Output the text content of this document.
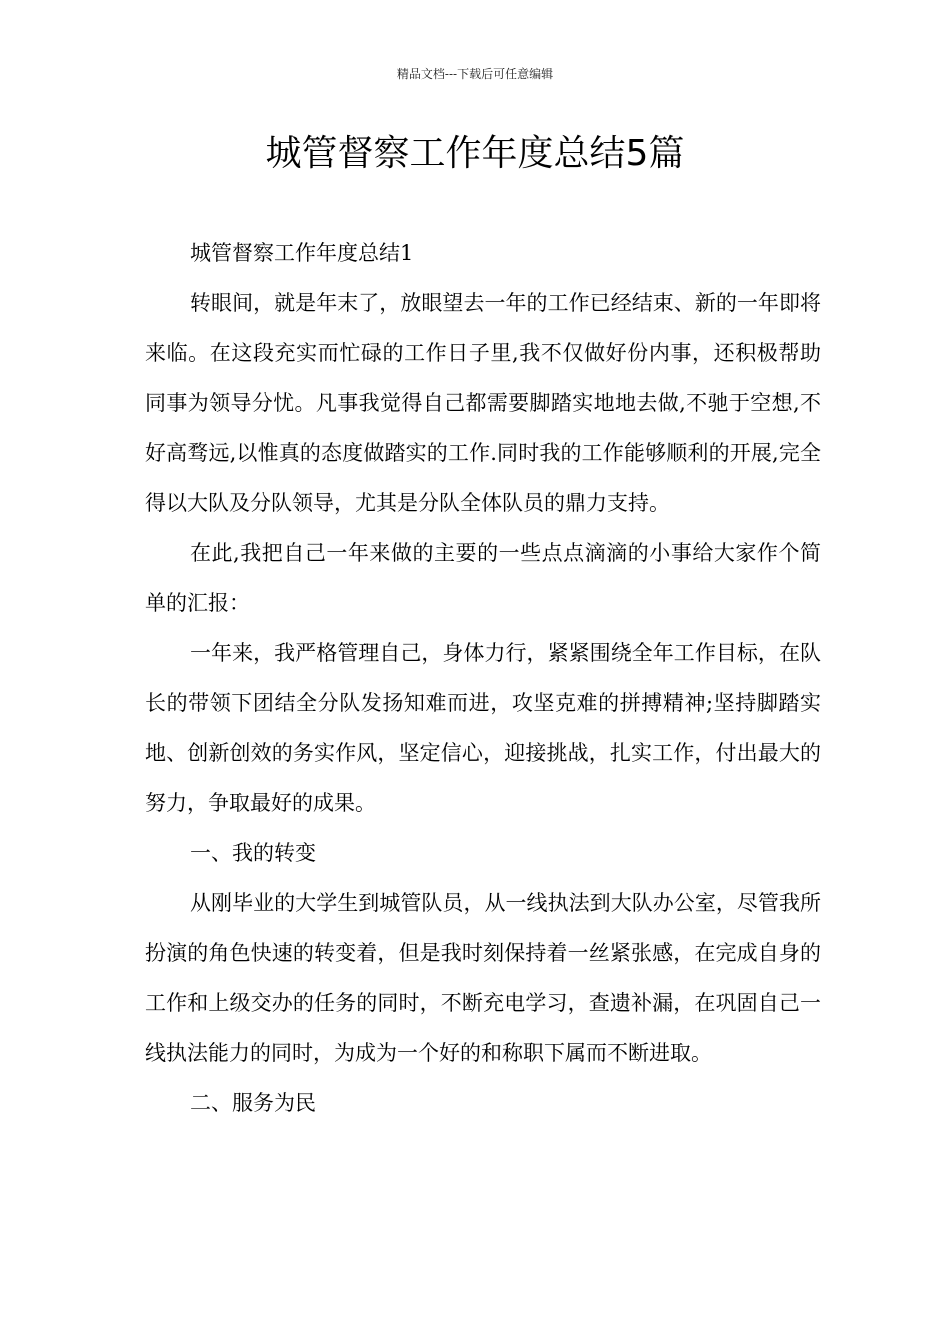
精品文档---下载后可任意编辑
城管督察工作年度总结5篇

城管督察工作年度总结1

转眼间，就是年末了，放眼望去一年的工作已经结束、新的一年即将来临。在这段充实而忙碌的工作日子里,我不仅做好份内事，还积极帮助同事为领导分忧。凡事我觉得自己都需要脚踏实地地去做,不驰于空想,不好高骛远,以惟真的态度做踏实的工作.同时我的工作能够顺利的开展,完全得以大队及分队领导，尤其是分队全体队员的鼎力支持。

在此,我把自己一年来做的主要的一些点点滴滴的小事给大家作个简单的汇报：

一年来，我严格管理自己，身体力行，紧紧围绕全年工作目标，在队长的带领下团结全分队发扬知难而进，攻坚克难的拼搏精神;坚持脚踏实地、创新创效的务实作风，坚定信心，迎接挑战，扎实工作，付出最大的努力，争取最好的成果。

一、我的转变

从刚毕业的大学生到城管队员，从一线执法到大队办公室，尽管我所扮演的角色快速的转变着，但是我时刻保持着一丝紧张感，在完成自身的工作和上级交办的任务的同时，不断充电学习，查遗补漏，在巩固自己一线执法能力的同时，为成为一个好的和称职下属而不断进取。

二、服务为民
